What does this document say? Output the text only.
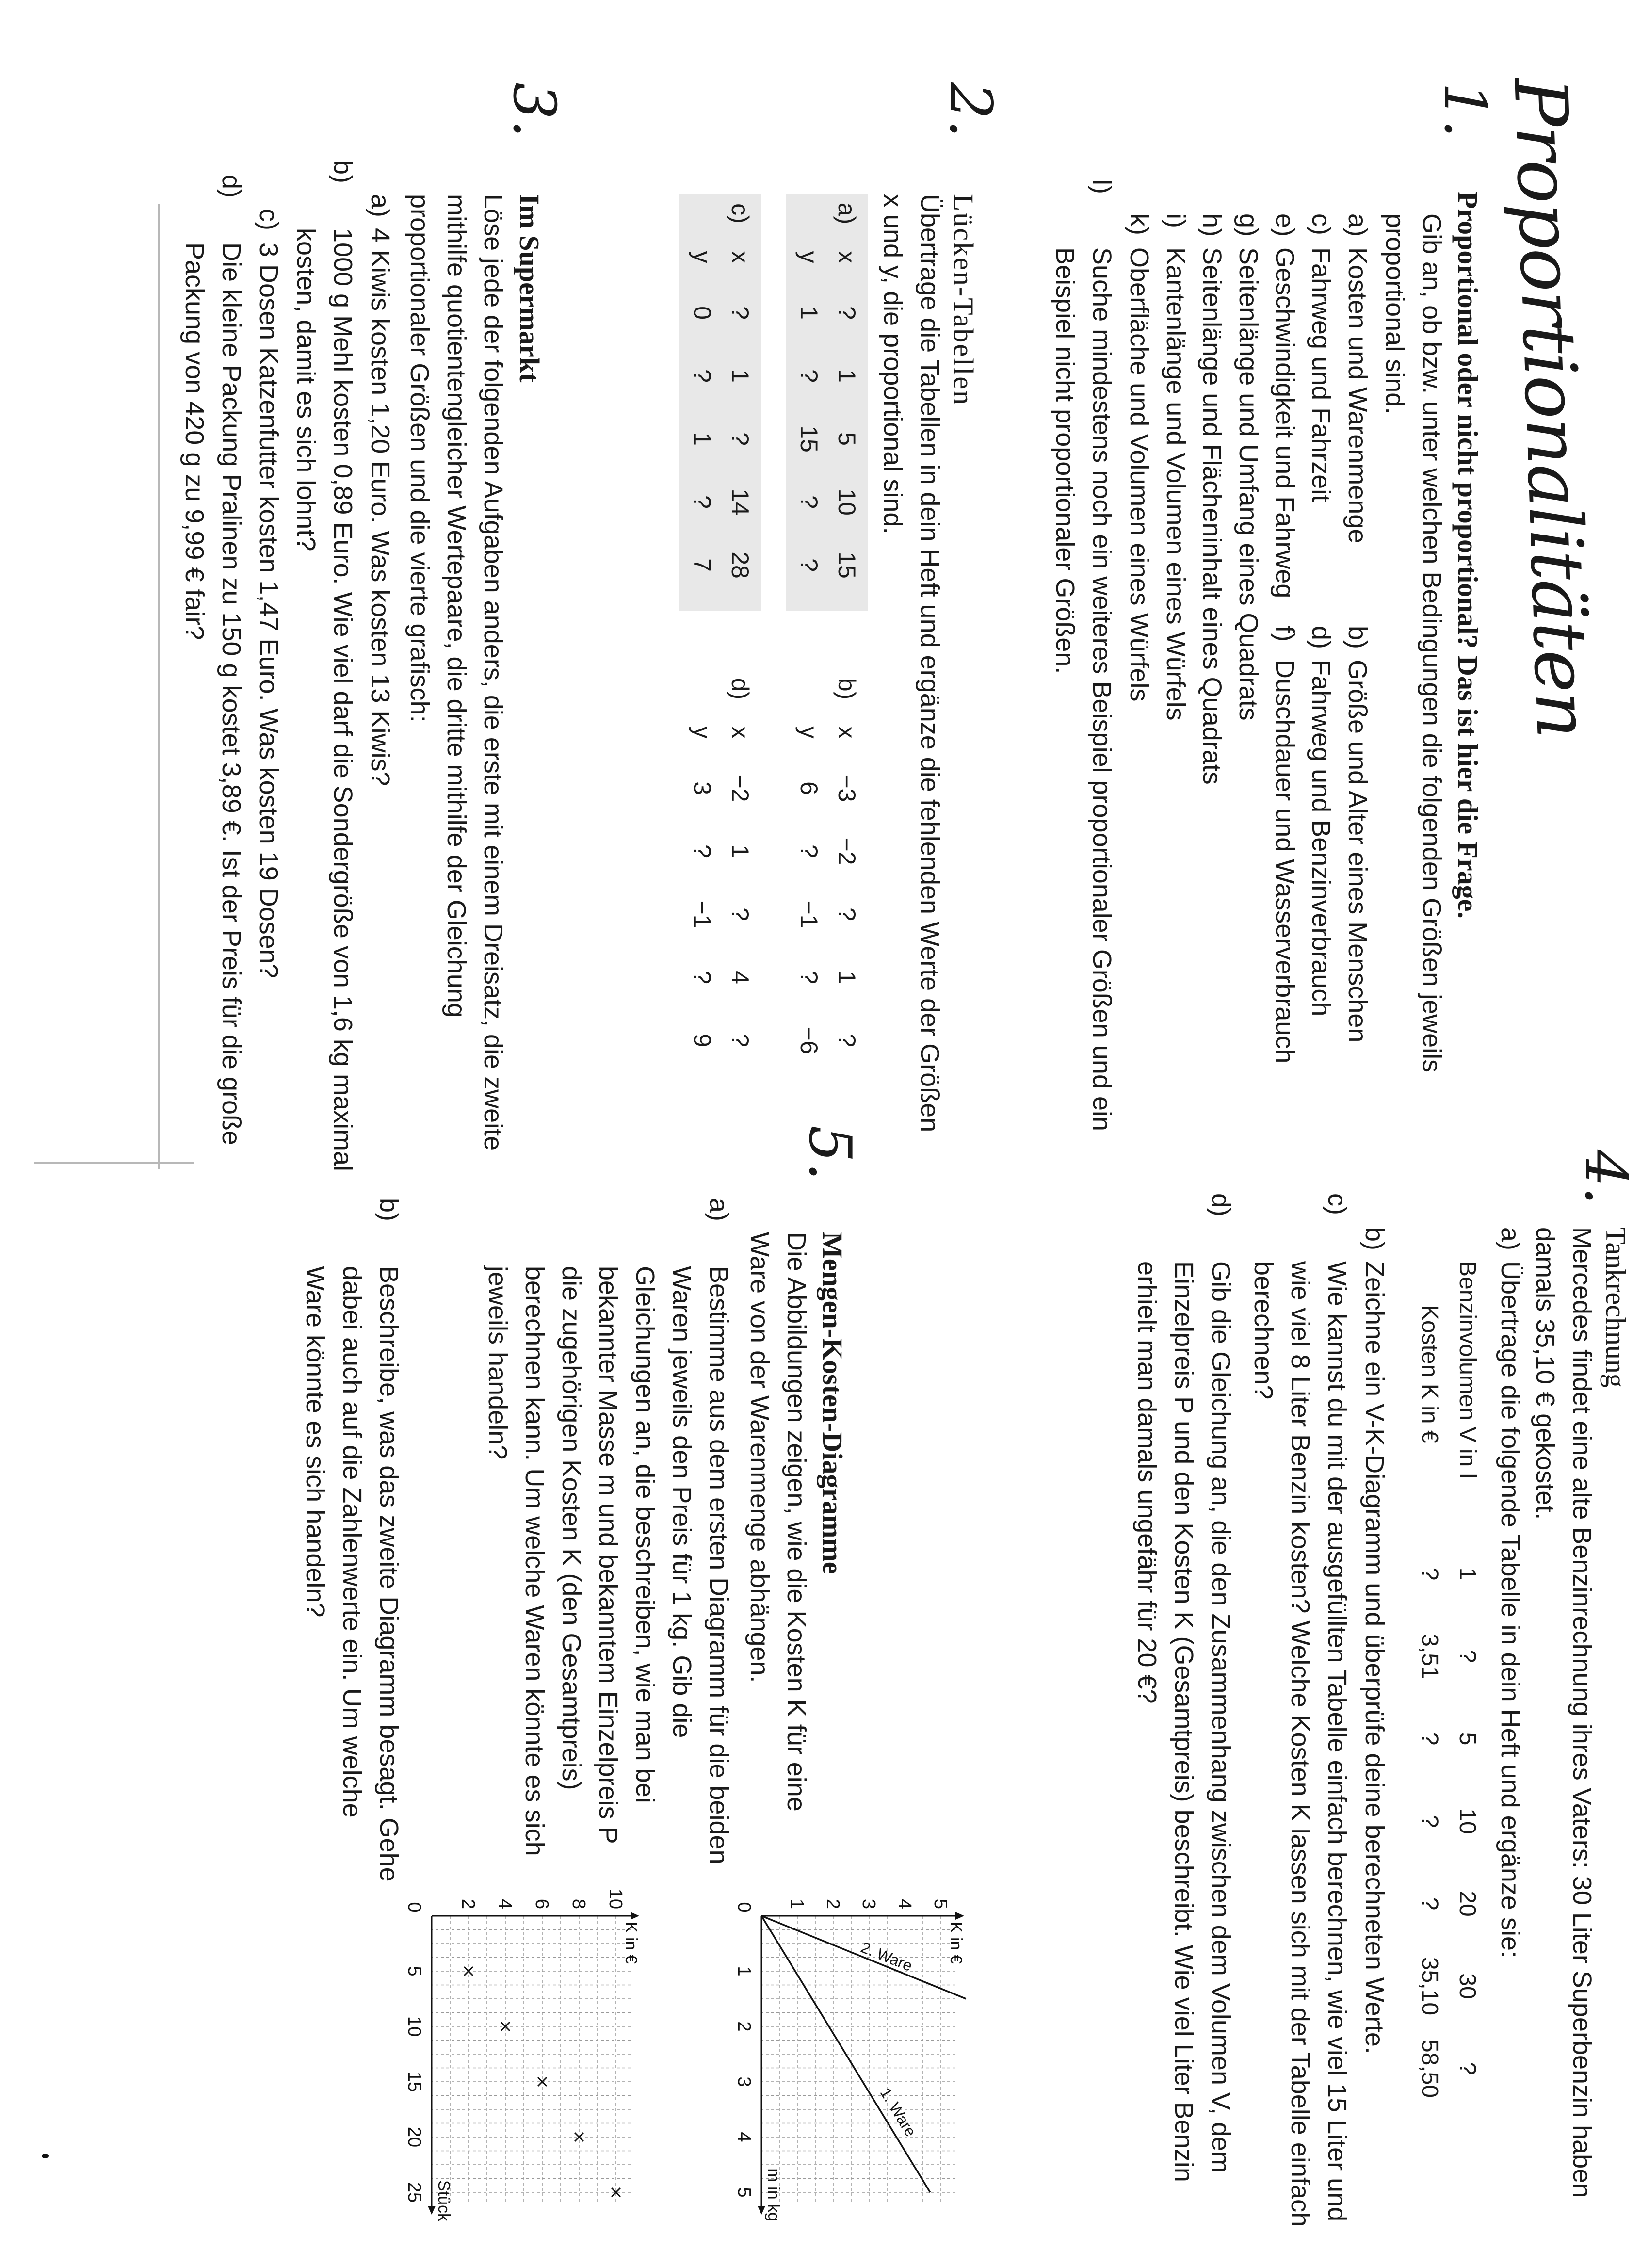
Proportionalitäten
1.
Proportional oder nicht proportional? Das ist hier die Frage.

Gib an, ob bzw. unter welchen Bedingungen die folgenden Größen jeweils proportional sind.

a)Kosten und Warenmenge
b)Größe und Alter eines Menschen
c)Fahrweg und Fahrzeit
d)Fahrweg und Benzinverbrauch
e)Geschwindigkeit und Fahrweg
f)Duschdauer und Wasserverbrauch
g)Seitenlänge und Umfang eines Quadrats
h)Seitenlänge und Flächeninhalt eines Quadrats
i)Kantenlänge und Volumen eines Würfels
k)Oberfläche und Volumen eines Würfels
l)Suche mindestens noch ein weiteres Beispiel proportionaler Größen und ein Beispiel nicht proportionaler Größen.
2.
Lücken-Tabellen

Übertrage die Tabellen in dein Heft und ergänze die fehlenden Werte der Größen x und y, die proportional sind.

a)	x	?	1	5	10	15
	y	1	?	15	?	?
b)	x	−3	−2	?	1	?
	y	6	?	−1	?	−6
c)	x	?	1	?	14	28
	y	0	?	1	?	7
d)	x	−2	1	?	4	?
	y	3	?	−1	?	9
3.
Im Supermarkt

Löse jede der folgenden Aufgaben anders, die erste mit einem Dreisatz, die zweite mithilfe quotientengleicher Wertepaare, die dritte mithilfe der Gleichung proportionaler Größen und die vierte grafisch:

a)4 Kiwis kosten 1,20 Euro. Was kosten 13 Kiwis?
b)1000 g Mehl kosten 0,89 Euro. Wie viel darf die Sondergröße von 1,6 kg maximal kosten, damit es sich lohnt?
c)3 Dosen Katzenfutter kosten 1,47 Euro. Was kosten 19 Dosen?
d)Die kleine Packung Pralinen zu 150 g kostet 3,89 €. Ist der Preis für die große Packung von 420 g zu 9,99 € fair?
4.
Tankrechnung

Mercedes findet eine alte Benzinrechnung ihres Vaters: 30 Liter Superbenzin haben damals 35,10 € gekostet.

a)Übertrage die folgende Tabelle in dein Heft und ergänze sie:
Benzinvolumen V in l	1	?	5	10	20	30	?
Kosten K in €	?	3,51	?	?	?	35,10	58,50
b)Zeichne ein V-K-Diagramm und überprüfe deine berechneten Werte.
c)Wie kannst du mit der ausgefüllten Tabelle einfach berechnen, wie viel 15 Liter und wie viel 8 Liter Benzin kosten? Welche Kosten K lassen sich mit der Tabelle einfach berechnen?
d)Gib die Gleichung an, die den Zusammenhang zwischen dem Volumen V, dem Einzelpreis P und den Kosten K (Gesamtpreis) beschreibt. Wie viel Liter Benzin erhielt man damals ungefähr für 20 €?
5.
Mengen-Kosten-Diagramme

Die Abbildungen zeigen, wie die Kosten K für eine Ware von der Warenmenge abhängen.

a)Bestimme aus dem ersten Diagramm für die beiden Waren jeweils den Preis für 1 kg. Gib die Gleichungen an, die beschreiben, wie man bei bekannter Masse m und bekanntem Einzelpreis P die zugehörigen Kosten K (den Gesamtpreis) berechnen kann. Um welche Waren könnte es sich jeweils handeln?
b)Beschreibe, was das zweite Diagramm besagt. Gehe dabei auch auf die Zahlenwerte ein. Um welche Ware könnte es sich handeln?
0
1
2
3
4
5
1 2 3 4 5
K in €
m in kg
1. Ware
2. Ware
0
5
10
15
20
25
2 4 6 8 10
K in €
Stück
